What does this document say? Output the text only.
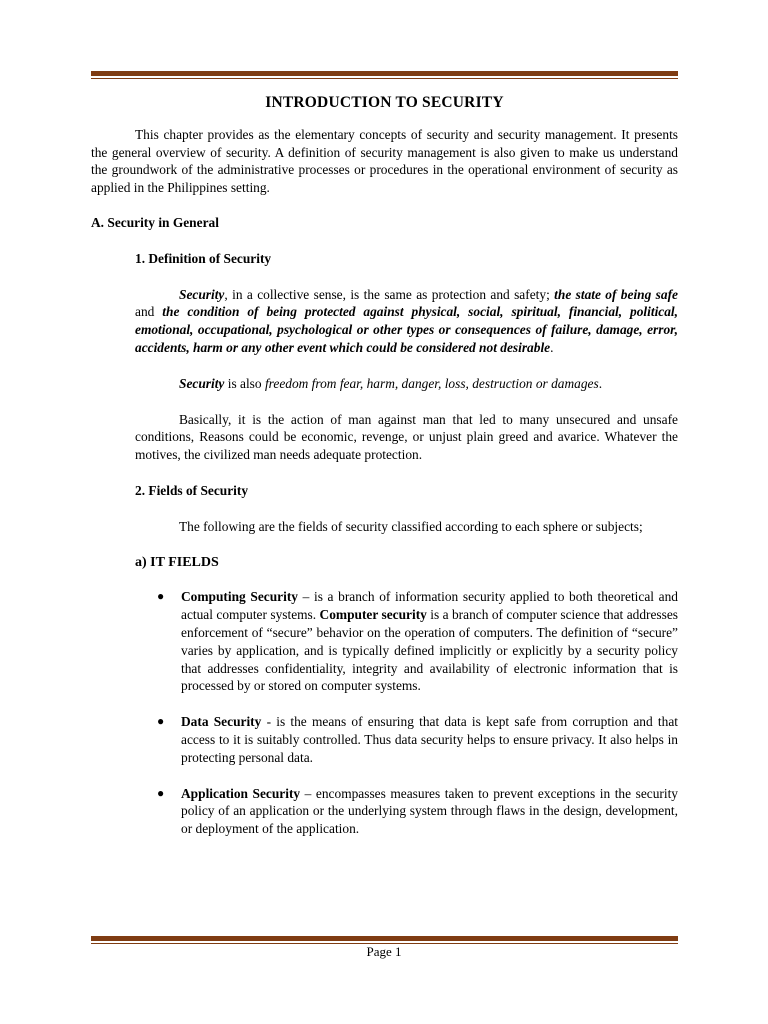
INTRODUCTION TO SECURITY

This chapter provides as the elementary concepts of security and security management. It presents the general overview of security. A definition of security management is also given to make us understand the groundwork of the administrative processes or procedures in the operational environment of security as applied in the Philippines setting.

A. Security in General
1. Definition of Security

Security, in a collective sense, is the same as protection and safety; the state of being safe and the condition of being protected against physical, social, spiritual, financial, political, emotional, occupational, psychological or other types or consequences of failure, damage, error, accidents, harm or any other event which could be considered not desirable.

Security is also freedom from fear, harm, danger, loss, destruction or damages.

Basically, it is the action of man against man that led to many unsecured and unsafe conditions, Reasons could be economic, revenge, or unjust plain greed and avarice. Whatever the motives, the civilized man needs adequate protection.

2. Fields of Security

The following are the fields of security classified according to each sphere or subjects;

a) IT FIELDS
● Computing Security – is a branch of information security applied to both theoretical and actual computer systems. Computer security is a branch of computer science that addresses enforcement of “secure” behavior on the operation of computers. The definition of “secure” varies by application, and is typically defined implicitly or explicitly by a security policy that addresses confidentiality, integrity and availability of electronic information that is processed by or stored on computer systems.
● Data Security - is the means of ensuring that data is kept safe from corruption and that access to it is suitably controlled. Thus data security helps to ensure privacy. It also helps in protecting personal data.
● Application Security – encompasses measures taken to prevent exceptions in the security policy of an application or the underlying system through flaws in the design, development, or deployment of the application.
Page 1
